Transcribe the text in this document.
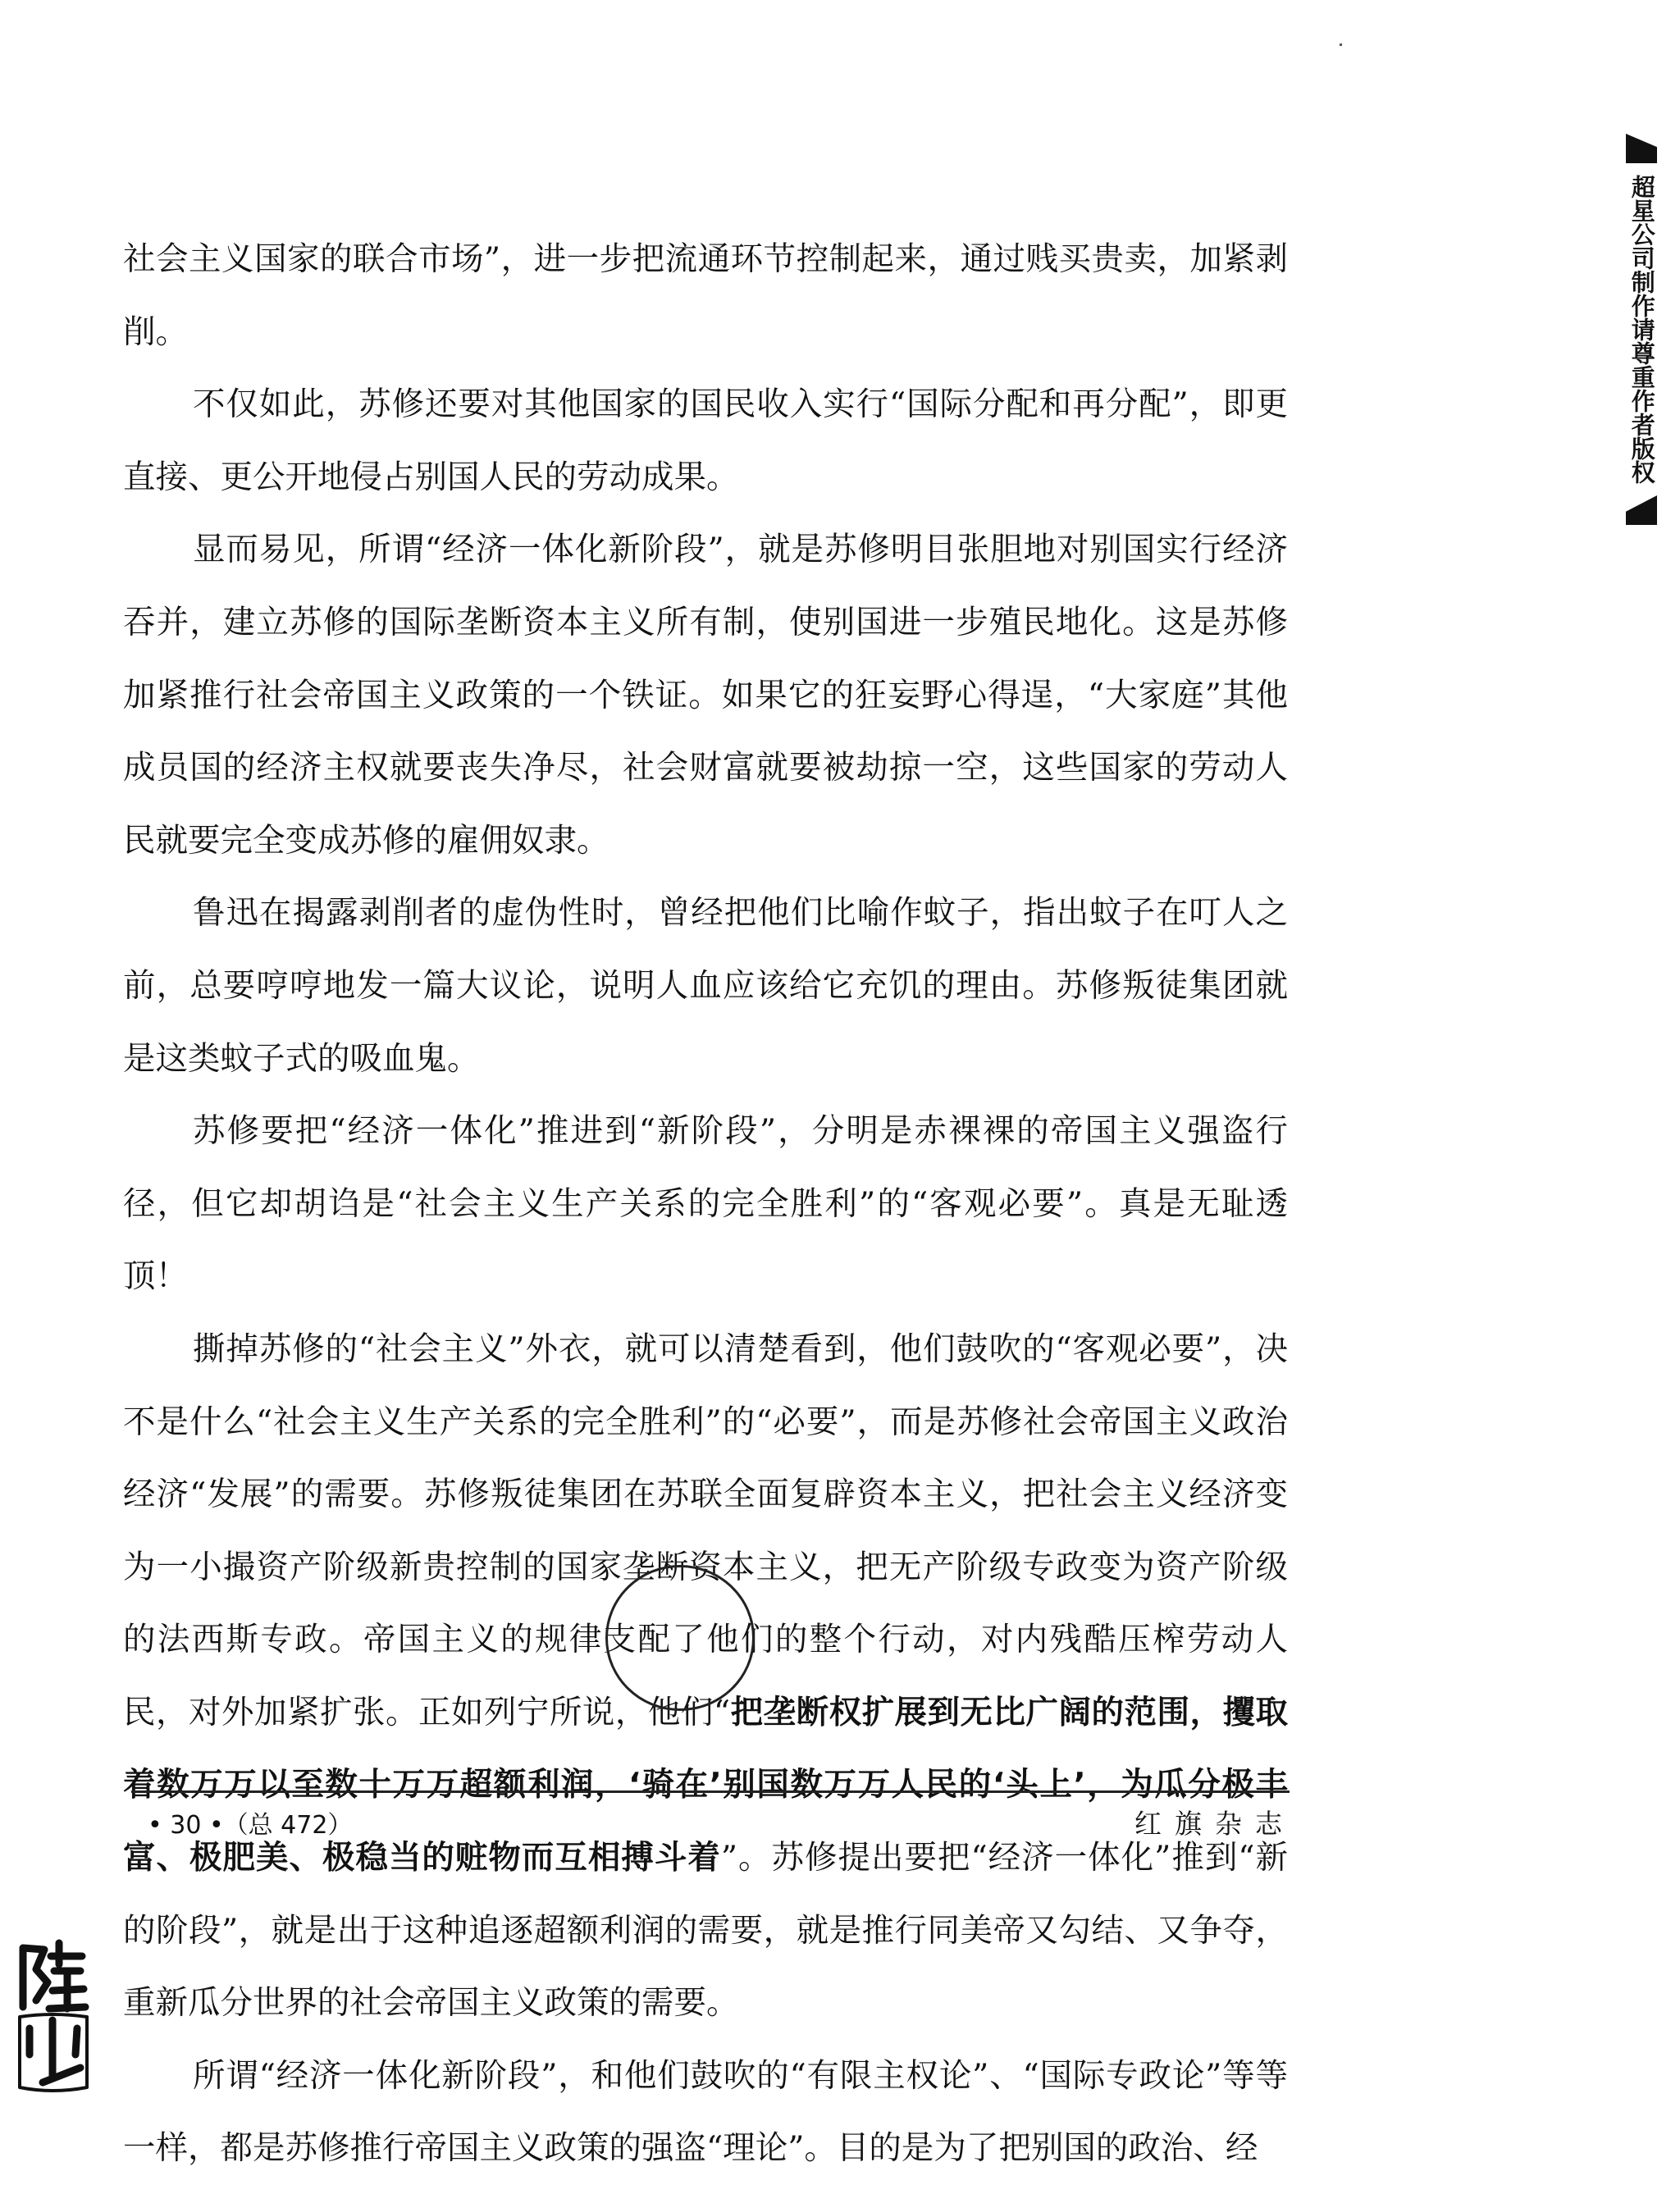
社会主义国家的联合市场”，进一步把流通环节控制起来，通过贱买贵卖，加紧剥削。

不仅如此，苏修还要对其他国家的国民收入实行“国际分配和再分配”，即更直接、更公开地侵占别国人民的劳动成果。

显而易见，所谓“经济一体化新阶段”，就是苏修明目张胆地对别国实行经济吞并，建立苏修的国际垄断资本主义所有制，使别国进一步殖民地化。这是苏修加紧推行社会帝国主义政策的一个铁证。如果它的狂妄野心得逞，“大家庭”其他成员国的经济主权就要丧失净尽，社会财富就要被劫掠一空，这些国家的劳动人民就要完全变成苏修的雇佣奴隶。

鲁迅在揭露剥削者的虚伪性时，曾经把他们比喻作蚊子，指出蚊子在叮人之前，总要哼哼地发一篇大议论，说明人血应该给它充饥的理由。苏修叛徒集团就是这类蚊子式的吸血鬼。

苏修要把“经济一体化”推进到“新阶段”，分明是赤裸裸的帝国主义强盗行径，但它却胡诌是“社会主义生产关系的完全胜利”的“客观必要”。真是无耻透顶！

撕掉苏修的“社会主义”外衣，就可以清楚看到，他们鼓吹的“客观必要”，决不是什么“社会主义生产关系的完全胜利”的“必要”，而是苏修社会帝国主义政治经济“发展”的需要。苏修叛徒集团在苏联全面复辟资本主义，把社会主义经济变为一小撮资产阶级新贵控制的国家垄断资本主义，把无产阶级专政变为资产阶级的法西斯专政。帝国主义的规律支配了他们的整个行动，对内残酷压榨劳动人民，对外加紧扩张。正如列宁所说，他们“把垄断权扩展到无比广阔的范围，攫取着数万万以至数十万万超额利润，‘骑在’别国数万万人民的‘头上’，为瓜分极丰富、极肥美、极稳当的赃物而互相搏斗着”。苏修提出要把“经济一体化”推到“新的阶段”，就是出于这种追逐超额利润的需要，就是推行同美帝又勾结、又争夺，重新瓜分世界的社会帝国主义政策的需要。

所谓“经济一体化新阶段”，和他们鼓吹的“有限主权论”、“国际专政论”等等一样，都是苏修推行帝国主义政策的强盗“理论”。目的是为了把别国的政治、经

• 30 •（总 472）	红旗杂志
超星公司制作请尊重作者版权
